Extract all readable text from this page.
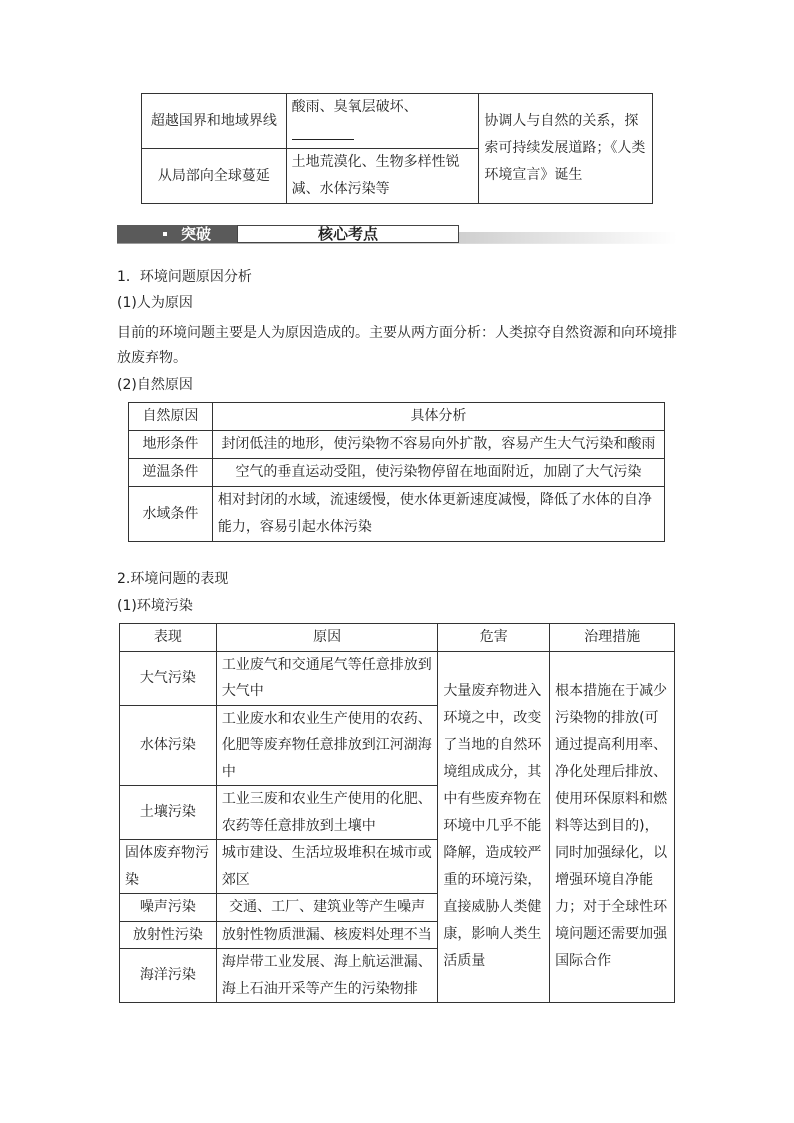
超越国界和地域界线	酸雨、臭氧层破坏、	协调人与自然的关系，探索可持续发展道路；《人类环境宣言》诞生
从局部向全球蔓延	土地荒漠化、生物多样性锐减、水体污染等	
突破	核心考点
1．环境问题原因分析
(1)人为原因
目前的环境问题主要是人为原因造成的。主要从两方面分析：人类掠夺自然资源和向环境排
放废弃物。
(2)自然原因
自然原因	具体分析
地形条件	封闭低洼的地形，使污染物不容易向外扩散，容易产生大气污染和酸雨
逆温条件	空气的垂直运动受阻，使污染物停留在地面附近，加剧了大气污染
水域条件	相对封闭的水域，流速缓慢，使水体更新速度减慢，降低了水体的自净能力，容易引起水体污染
2.环境问题的表现
(1)环境污染
表现	原因	危害	治理措施
大气污染	工业废气和交通尾气等任意排放到大气中	大量废弃物进入环境之中，改变了当地的自然环境组成成分，其中有些废弃物在环境中几乎不能降解，造成较严重的环境污染，直接威胁人类健康，影响人类生活质量	根本措施在于减少污染物的排放(可通过提高利用率、净化处理后排放、使用环保原料和燃料等达到目的)，同时加强绿化，以增强环境自净能力；对于全球性环境问题还需要加强国际合作
水体污染	工业废水和农业生产使用的农药、化肥等废弃物任意排放到江河湖海中		
土壤污染	工业三废和农业生产使用的化肥、农药等任意排放到土壤中		
固体废弃物污染	城市建设、生活垃圾堆积在城市或郊区		
噪声污染	交通、工厂、建筑业等产生噪声		
放射性污染	放射性物质泄漏、核废料处理不当		
海洋污染	海岸带工业发展、海上航运泄漏、海上石油开采等产生的污染物排		
